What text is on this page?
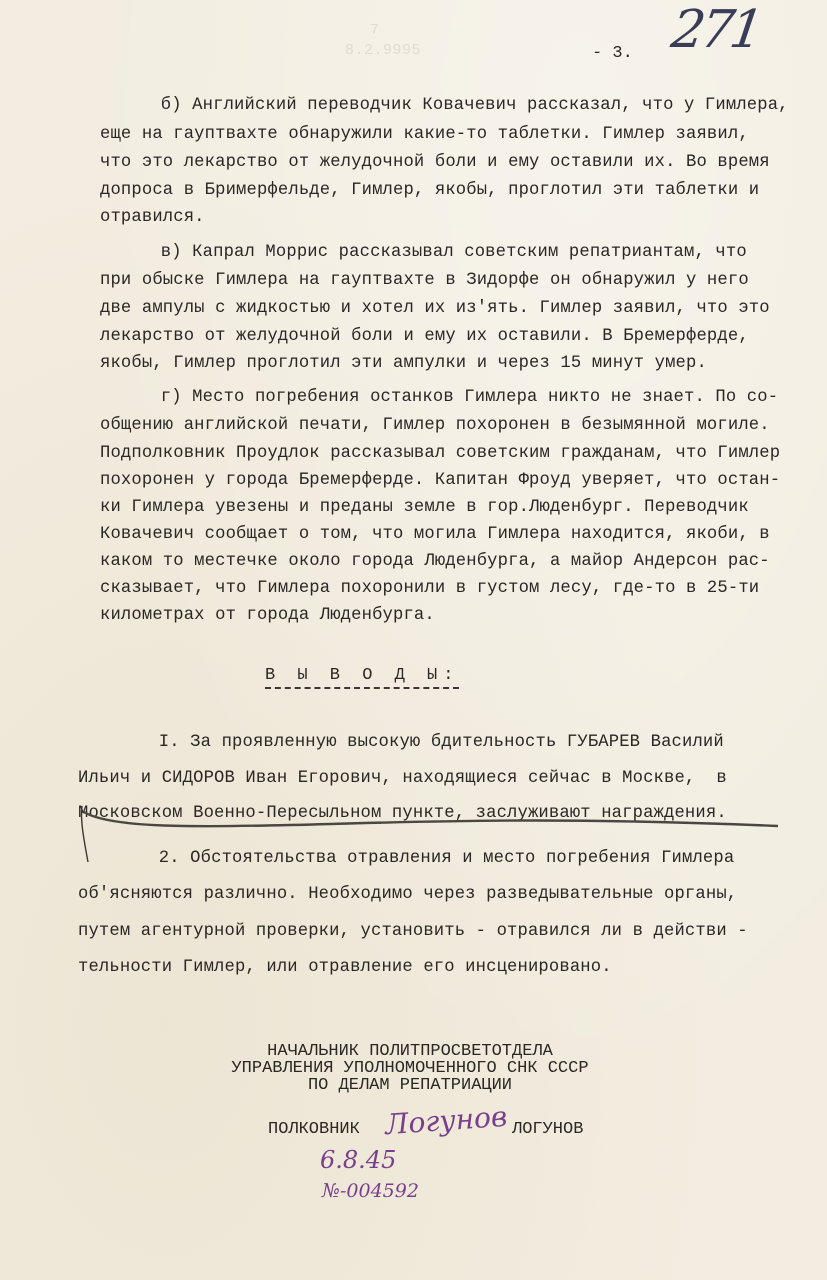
7
8.2.9995	271
- 3.
б) Английский переводчик Ковачевич рассказал, что у Гимлера,
еще на гауптвахте обнаружили какие-то таблетки. Гимлер заявил,
что это лекарство от желудочной боли и ему оставили их. Во время
допроса в Бримерфельде, Гимлер, якобы, проглотил эти таблетки и
отравился.
в) Капрал Моррис рассказывал советским репатриантам, что
при обыске Гимлера на гауптвахте в Зидорфе он обнаружил у него
две ампулы с жидкостью и хотел их из'ять. Гимлер заявил, что это
лекарство от желудочной боли и ему их оставили. В Бремерферде,
якобы, Гимлер проглотил эти ампулки и через 15 минут умер.
г) Место погребения останков Гимлера никто не знает. По со-
общению английской печати, Гимлер похоронен в безымянной могиле.
Подполковник Проудлок рассказывал советским гражданам, что Гимлер
похоронен у города Бремерферде. Капитан Фроуд уверяет, что остан-
ки Гимлера увезены и преданы земле в гор.Люденбург. Переводчик
Ковачевич сообщает о том, что могила Гимлера находится, якоби, в
каком то местечке около города Люденбурга, а майор Андерсон рас-
сказывает, что Гимлера похоронили в густом лесу, где-то в 25-ти
километрах от города Люденбурга.
В Ы В О Д Ы:
I. За проявленную высокую бдительность ГУБАРЕВ Василий
Ильич и СИДОРОВ Иван Егорович, находящиеся сейчас в Москве,  в
Московском Военно-Пересыльном пункте, заслуживают награждения.
2. Обстоятельства отравления и место погребения Гимлера
об'ясняются различно. Необходимо через разведывательные органы,
путем агентурной проверки, установить - отравился ли в действи -
тельности Гимлер, или отравление его инсценировано.
НАЧАЛЬНИК ПОЛИТПРОСВЕТОТДЕЛА
УПРАВЛЕНИЯ УПОЛНОМОЧЕННОГО СНК СССР
ПО ДЕЛАМ РЕПАТРИАЦИИ
ПОЛКОВНИК Логунов ЛОГУНОВ
6.8.45
№-004592
